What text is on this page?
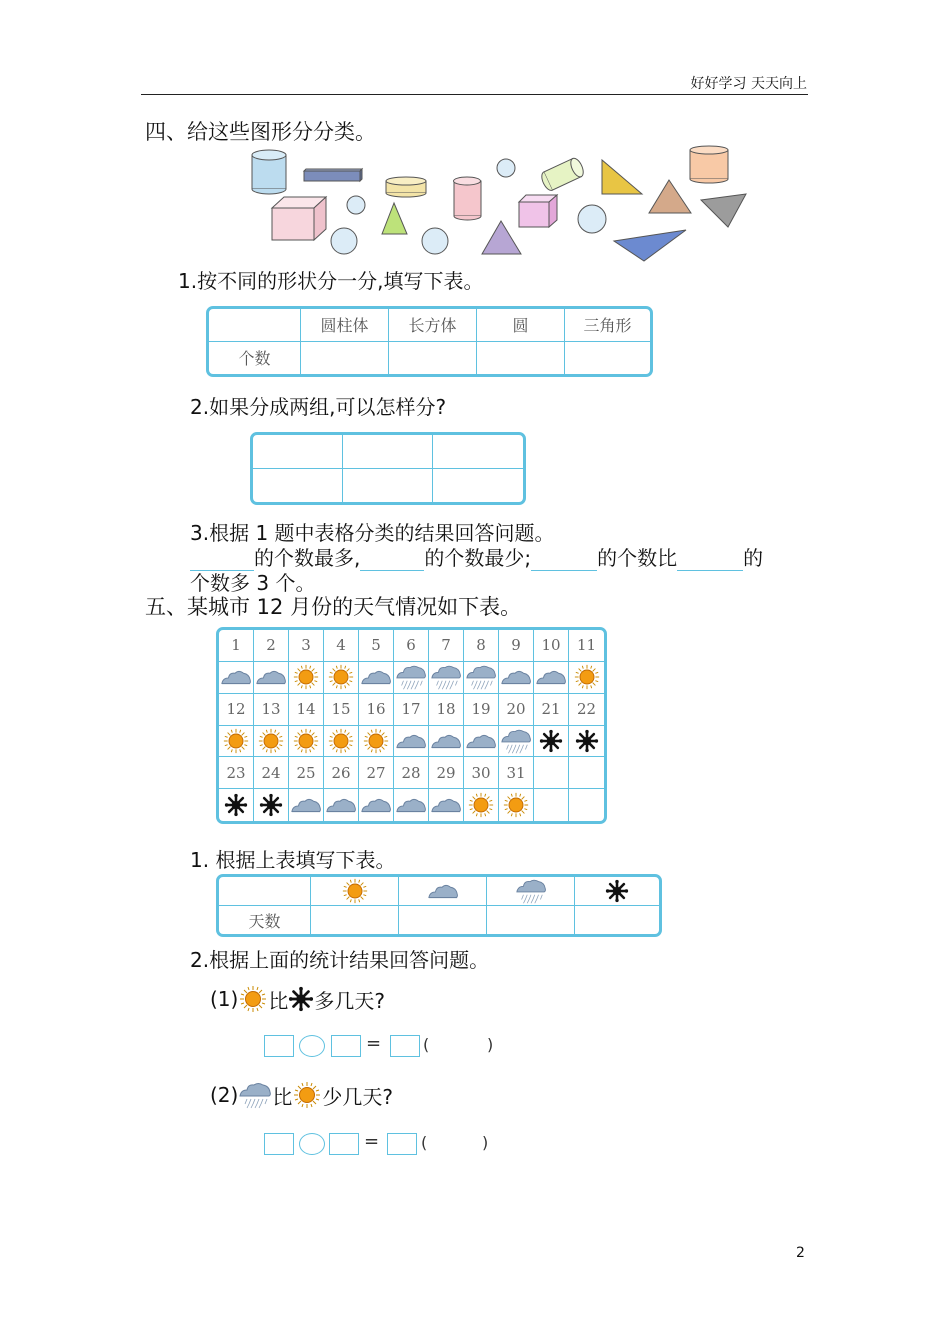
好好学习 天天向上
四、给这些图形分分类。
1.按不同的形状分一分,填写下表。
圆柱体	长方体	圆	三角形
个数
2.如果分成两组,可以怎样分?
3.根据 1 题中表格分类的结果回答问题。
的个数最多,	的个数最少;	的个数比	的
个数多 3 个。
五、某城市 12 月份的天气情况如下表。
1	2	3	4	5	6	7	8	9	10	11
12	13	14	15	16	17	18	19	20	21	22
23	24	25	26	27	28	29	30	31
1. 根据上表填写下表。
天数
2.根据上面的统计结果回答问题。
(1) 比 多几天?
=	(	)
(2) 比 少几天?
=	(	)
2
